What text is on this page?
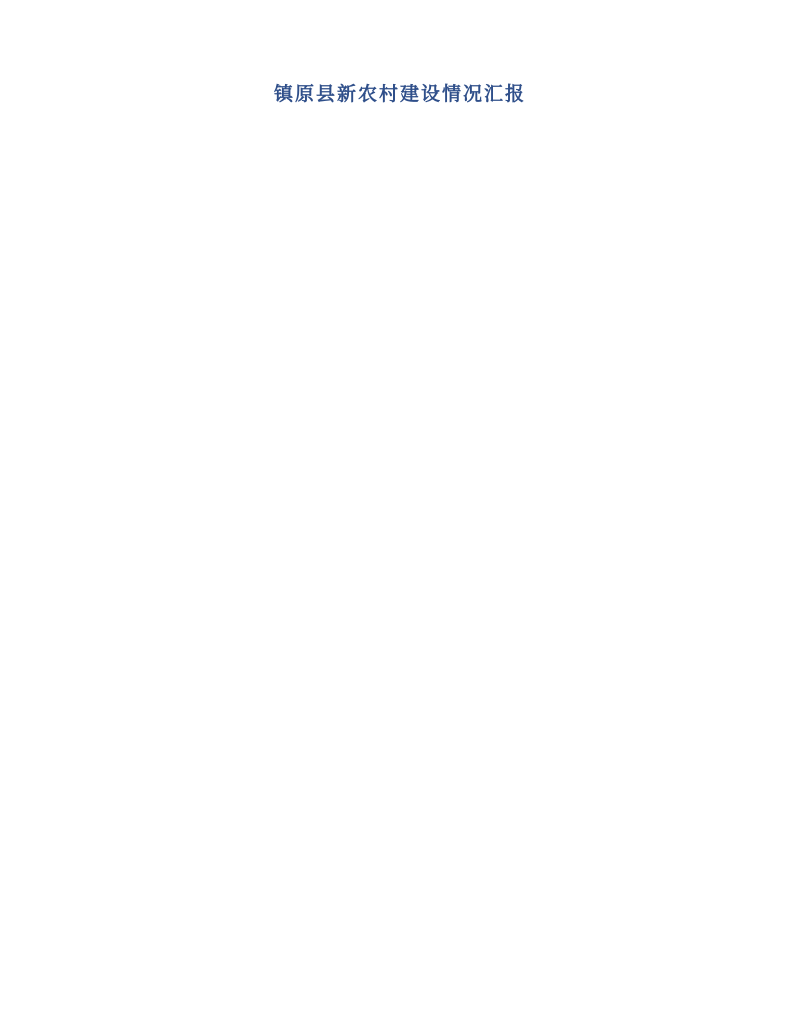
镇原县新农村建设情况汇报
